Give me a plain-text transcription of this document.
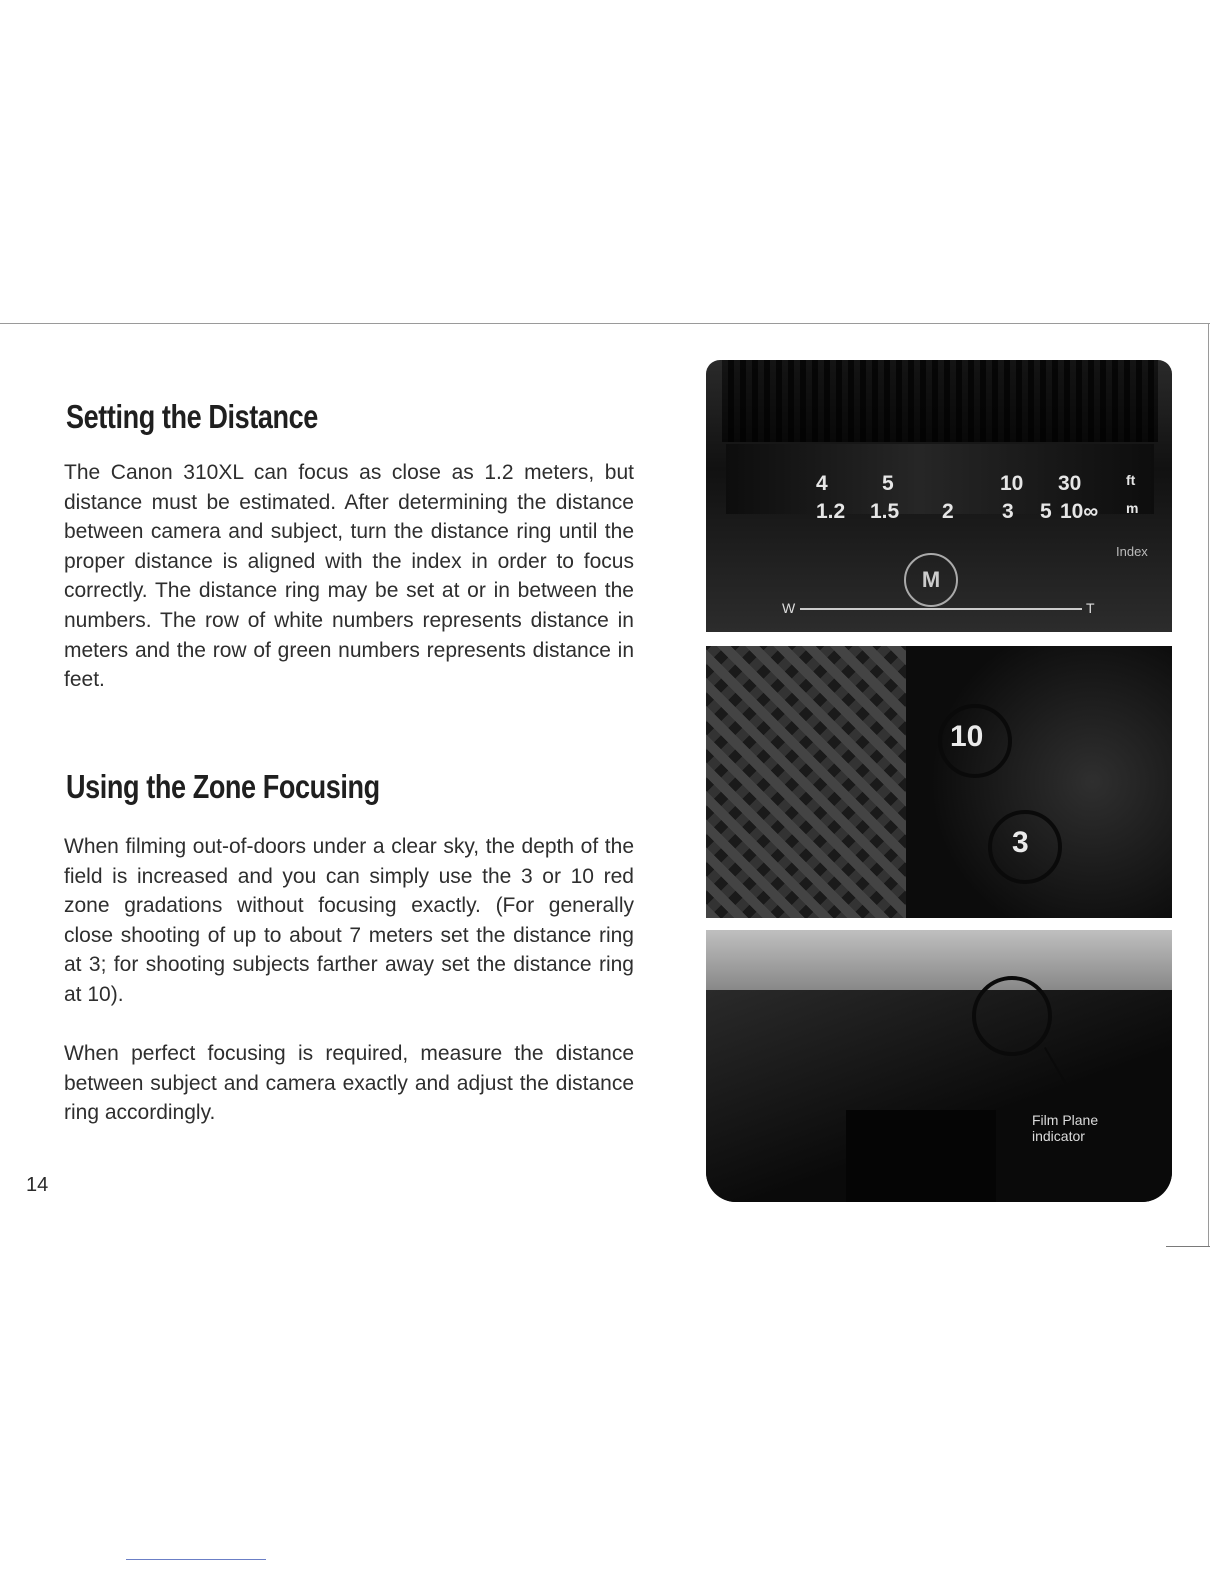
Setting the Distance

The Canon 310XL can focus as close as 1.2 meters, but distance must be estimated. After determining the distance between camera and subject, turn the distance ring until the proper distance is aligned with the index in order to focus correctly. The distance ring may be set at or in between the numbers. The row of white numbers represents distance in meters and the row of green numbers represents distance in feet.

Using the Zone Focusing

When filming out-of-doors under a clear sky, the depth of the field is increased and you can simply use the 3 or 10 red zone gradations without focusing exactly. (For generally close shooting of up to about 7 meters set the distance ring at 3; for shooting subjects farther away set the distance ring at 10).

When perfect focusing is required, measure the distance between subject and camera exactly and adjust the distance ring accordingly.

14
4	5	10 30	ft
1.2 1.5 2 3 5 10∞ m
Index
M
W	T
10
3
Film Plane
indicator
